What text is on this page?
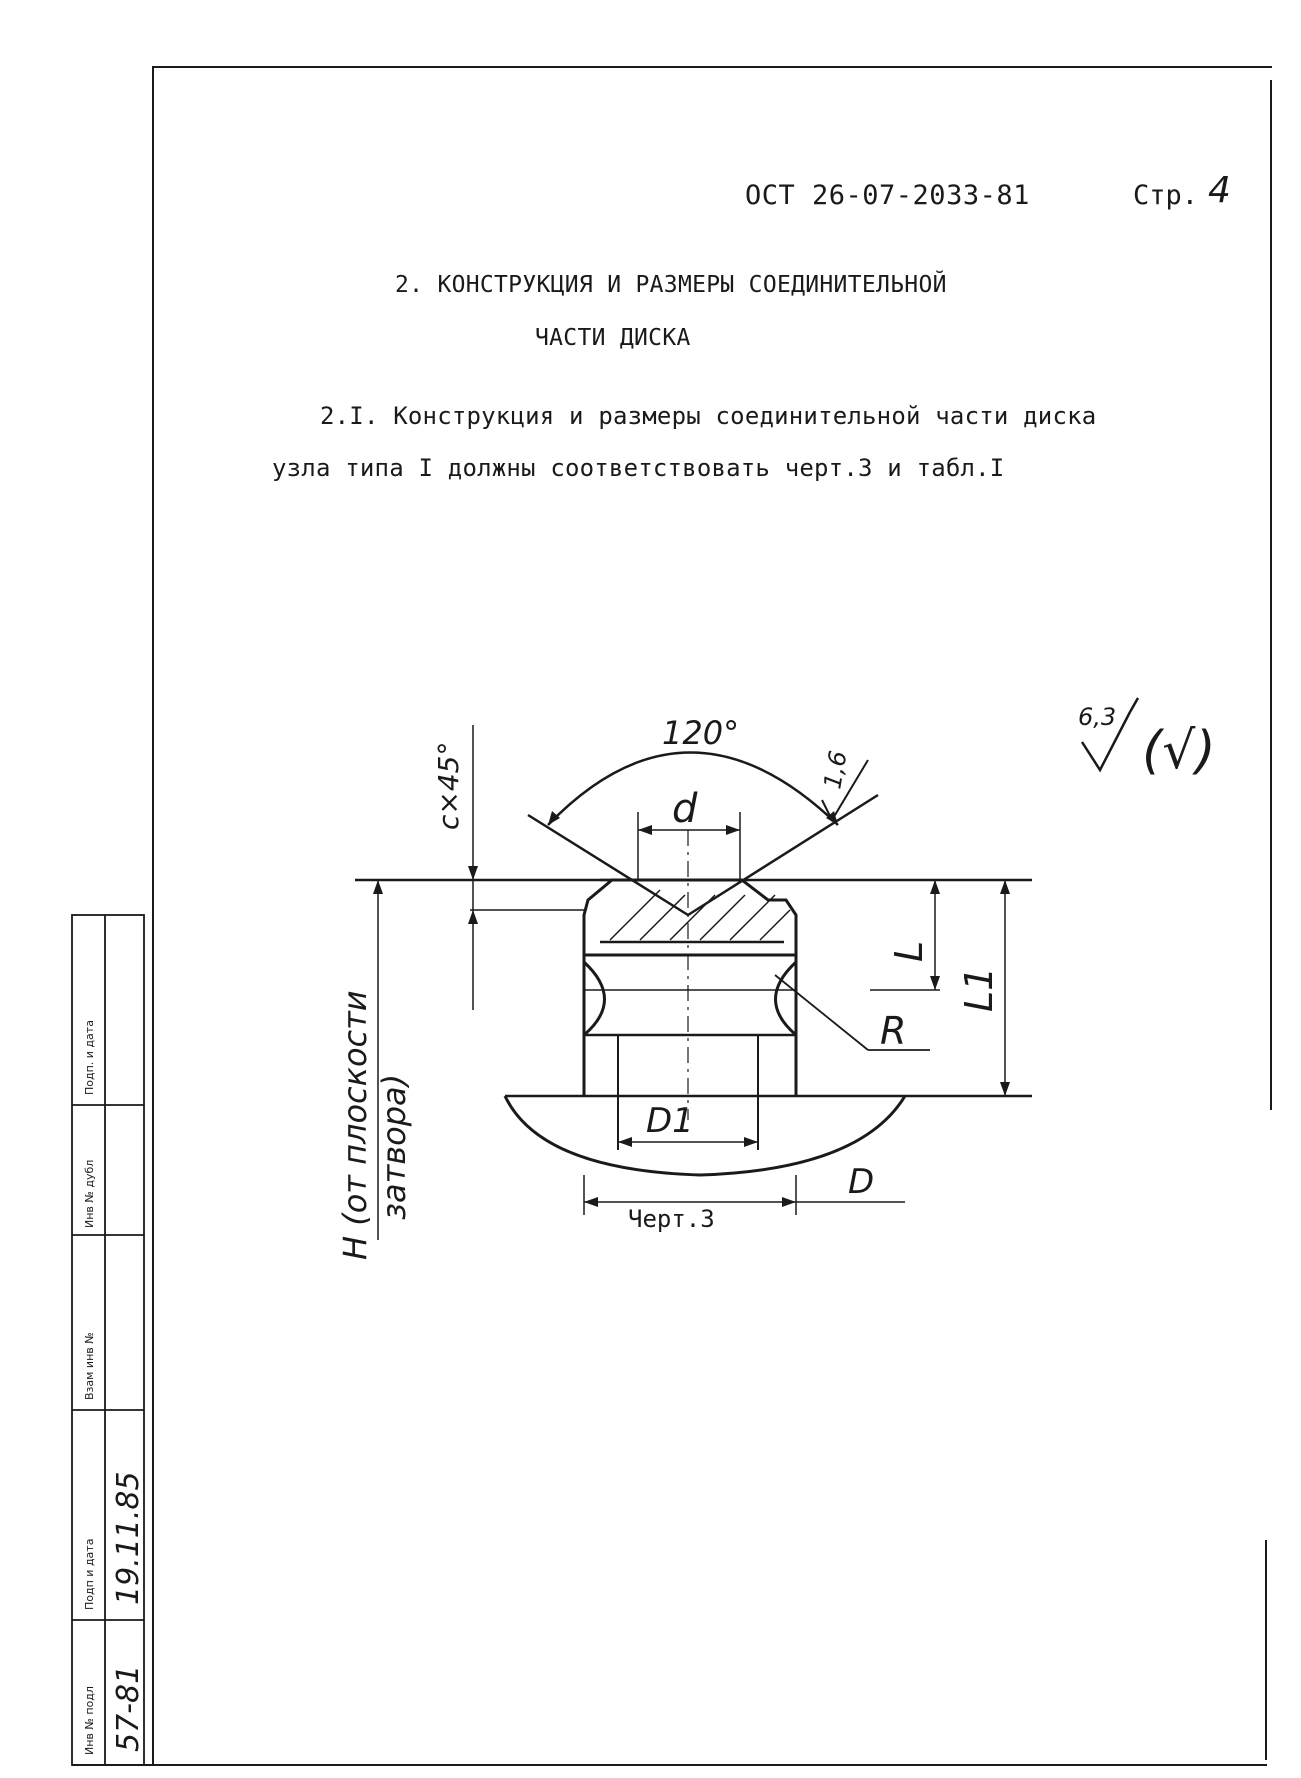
ОСТ 26-07-2033-81	Стр. 4
2. КОНСТРУКЦИЯ И РАЗМЕРЫ СОЕДИНИТЕЛЬНОЙ
ЧАСТИ ДИСКА
2.I. Конструкция и размеры соединительной части диска
узла типа I должны соответствовать черт.3 и табл.I
120°
1,6
d
c×45°
L
L1
R
D1
D
H (от плоскости затвора)
6,3
(√)
Черт.3
Инв № подл
Подп и дата
Взам инв №
Инв № дубл
Подп. и дата
57-81
19.11.85
